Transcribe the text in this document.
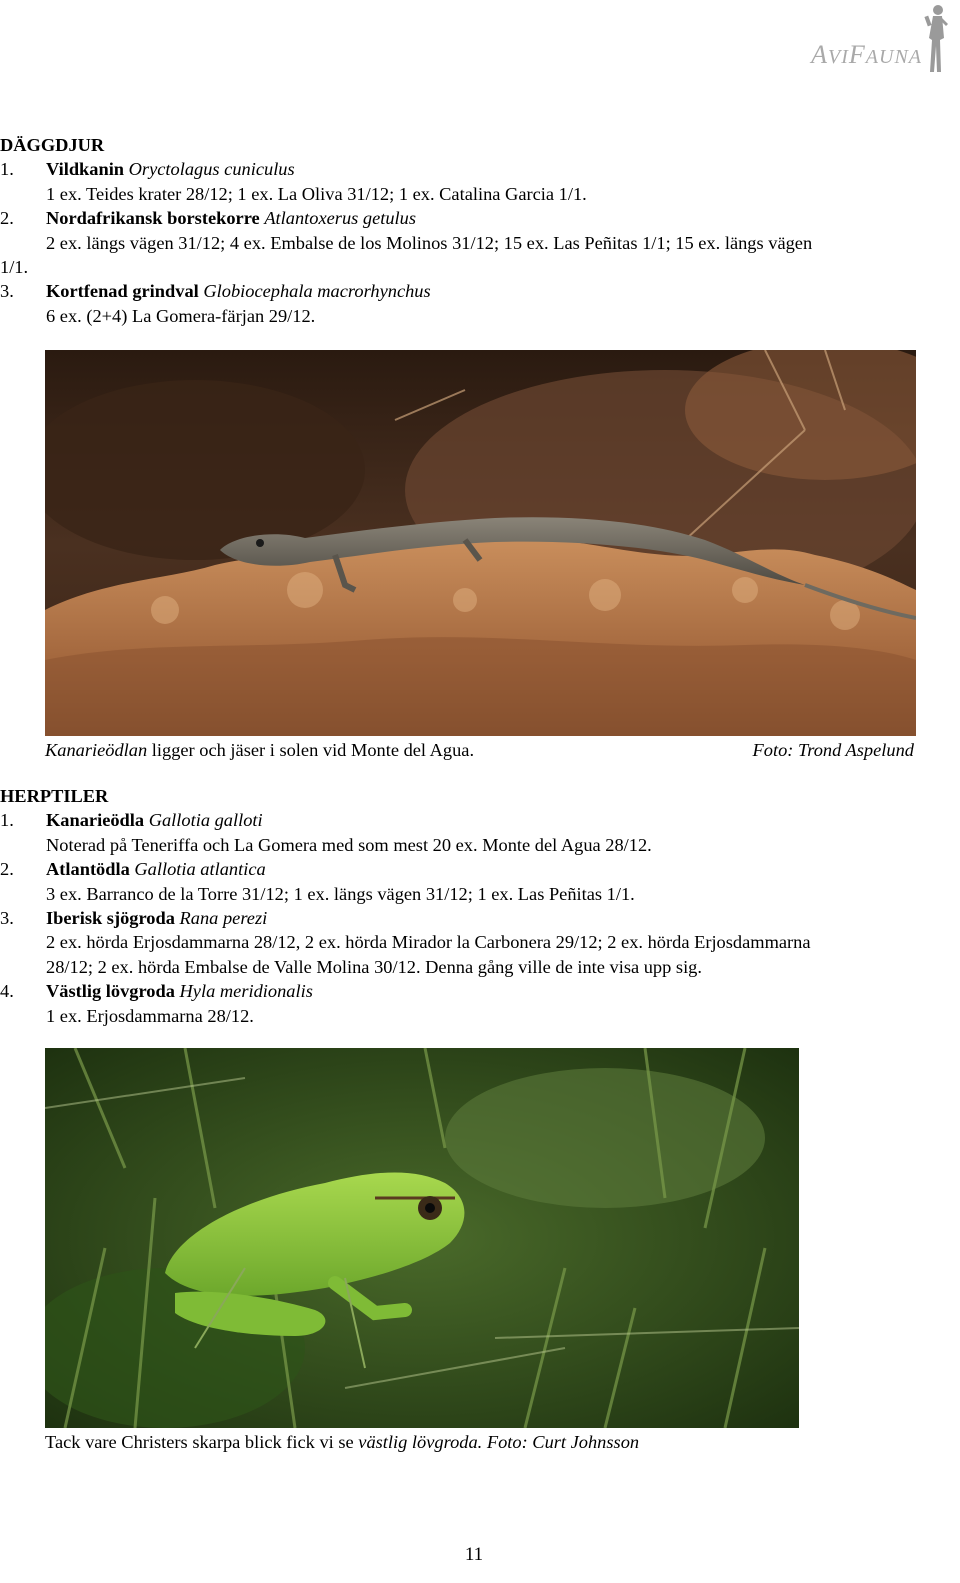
AVIFAUNA
DÄGGDJUR
1. Vildkanin Oryctolagus cuniculus
1 ex. Teides krater 28/12; 1 ex. La Oliva 31/12; 1 ex. Catalina Garcia 1/1.
2. Nordafrikansk borstekorre Atlantoxerus getulus
2 ex. längs vägen 31/12; 4 ex. Embalse de los Molinos 31/12; 15 ex. Las Peñitas 1/1; 15 ex. längs vägen
1/1.
3. Kortfenad grindval Globiocephala macrorhynchus
6 ex. (2+4) La Gomera-färjan 29/12.
Kanarieödlan ligger och jäser i solen vid Monte del Agua.	Foto: Trond Aspelund
HERPTILER
1. Kanarieödla Gallotia galloti
Noterad på Teneriffa och La Gomera med som mest 20 ex. Monte del Agua 28/12.
2. Atlantödla Gallotia atlantica
3 ex. Barranco de la Torre 31/12; 1 ex. längs vägen 31/12; 1 ex. Las Peñitas 1/1.
3. Iberisk sjögroda Rana perezi
2 ex. hörda Erjosdammarna 28/12, 2 ex. hörda Mirador la Carbonera 29/12; 2 ex. hörda Erjosdammarna
28/12; 2 ex. hörda Embalse de Valle Molina 30/12. Denna gång ville de inte visa upp sig.
4. Västlig lövgroda Hyla meridionalis
1 ex. Erjosdammarna 28/12.
Tack vare Christers skarpa blick fick vi se västlig lövgroda. Foto: Curt Johnsson
11
